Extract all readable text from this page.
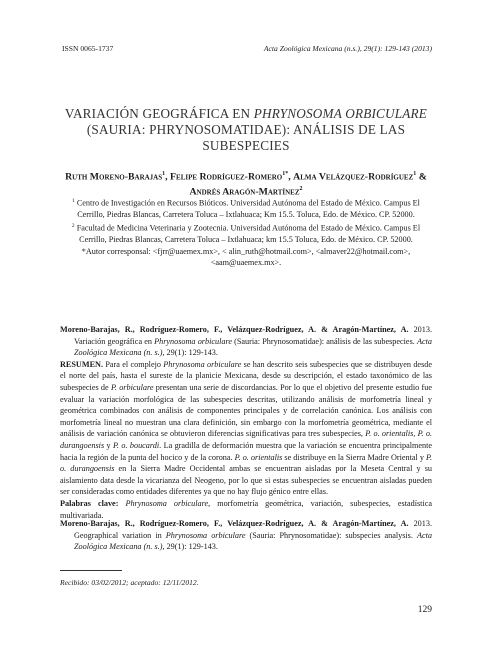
ISSN 0065-1737	Acta Zoológica Mexicana (n.s.), 29(1): 129-143 (2013)
VARIACIÓN GEOGRÁFICA EN PHRYNOSOMA ORBICULARE (SAURIA: PHRYNOSOMATIDAE): ANÁLISIS DE LAS SUBESPECIES
Ruth Moreno-Barajas$^1$, Felipe Rodríguez-Romero$^{1*}$, Alma Velázquez-Rodríguez$^1$ & Andrés Aragón-Martínez$^2$

$^1$ Centro de Investigación en Recursos Bióticos. Universidad Autónoma del Estado de México. Campus El Cerrillo, Piedras Blancas, Carretera Toluca – Ixtlahuaca; Km 15.5. Toluca, Edo. de México. CP. 52000.

$^2$ Facultad de Medicina Veterinaria y Zootecnia. Universidad Autónoma del Estado de México. Campus El Cerrillo, Piedras Blancas, Carretera Toluca – Ixtlahuaca; km 15.5 Toluca, Edo. de México. CP. 52000.

*Autor corresponsal: <fjrr@uaemex.mx>, < alin_ruth@hotmail.com>, <almaver22@hotmail.com>, <aam@uaemex.mx>.

Moreno-Barajas, R., Rodríguez-Romero, F., Velázquez-Rodríguez, A. & Aragón-Martínez, A. 2013. Variación geográfica en Phrynosoma orbiculare (Sauria: Phrynosomatidae): análisis de las subespecies. Acta Zoológica Mexicana (n. s.), 29(1): 129-143.

RESUMEN. Para el complejo Phrynosoma orbiculare se han descrito seis subespecies que se distribuyen desde el norte del país, hasta el sureste de la planicie Mexicana, desde su descripción, el estado taxonómico de las subespecies de P. orbiculare presentan una serie de discordancias. Por lo que el objetivo del presente estudio fue evaluar la variación morfológica de las subespecies descritas, utilizando análisis de morfometría lineal y geométrica combinados con análisis de componentes principales y de correlación canónica. Los análisis con morfometría lineal no muestran una clara definición, sin embargo con la morfometría geométrica, mediante el análisis de variación canónica se obtuvieron diferencias significativas para tres subespecies, P. o. orientalis, P. o. durangoensis y P. o. boucardi. La gradilla de deformación muestra que la variación se encuentra principalmente hacia la región de la punta del hocico y de la corona. P. o. orientalis se distribuye en la Sierra Madre Oriental y P. o. durangoensis en la Sierra Madre Occidental ambas se encuentran aisladas por la Meseta Central y su aislamiento data desde la vicarianza del Neogeno, por lo que si estas subespecies se encuentran aisladas pueden ser consideradas como entidades diferentes ya que no hay flujo génico entre ellas.

Palabras clave: Phrynosoma orbiculare, morfometría geométrica, variación, subespecies, estadística multivariada.

Moreno-Barajas, R., Rodríguez-Romero, F., Velázquez-Rodríguez, A. & Aragón-Martínez, A. 2013. Geographical variation in Phrynosoma orbiculare (Sauria: Phrynosomatidae): subspecies analysis. Acta Zoológica Mexicana (n. s.), 29(1): 129-143.

Recibido: 03/02/2012; aceptado: 12/11/2012.
129
